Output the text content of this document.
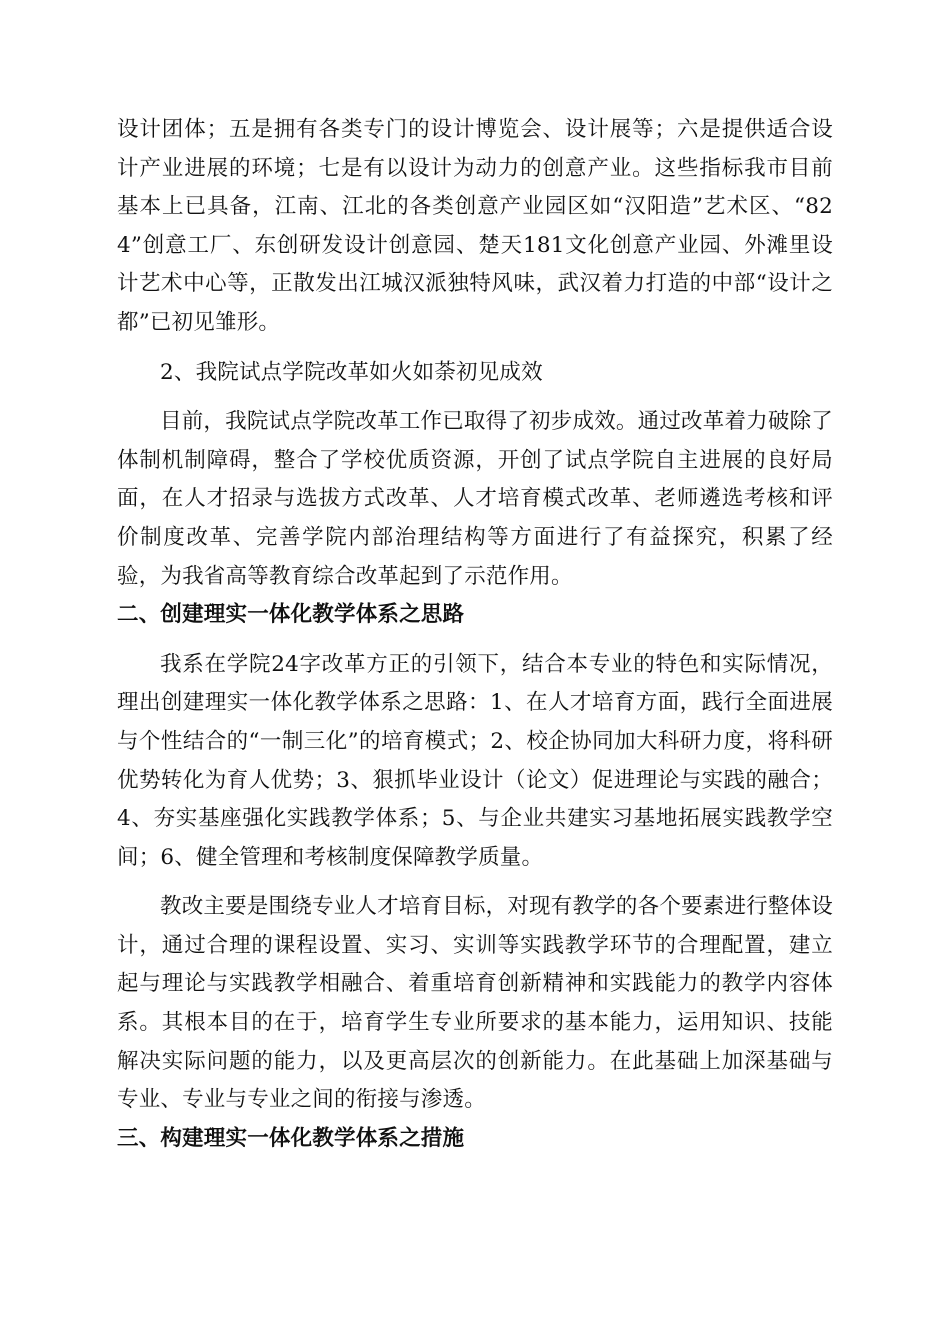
设计团体；五是拥有各类专门的设计博览会、设计展等；六是提供适合设计产业进展的环境；七是有以设计为动力的创意产业。这些指标我市目前基本上已具备，江南、江北的各类创意产业园区如“汉阳造”艺术区、“824”创意工厂、东创研发设计创意园、楚天181文化创意产业园、外滩里设计艺术中心等，正散发出江城汉派独特风味，武汉着力打造的中部“设计之都”已初见雏形。

2、我院试点学院改革如火如荼初见成效

目前，我院试点学院改革工作已取得了初步成效。通过改革着力破除了体制机制障碍，整合了学校优质资源，开创了试点学院自主进展的良好局面，在人才招录与选拔方式改革、人才培育模式改革、老师遴选考核和评价制度改革、完善学院内部治理结构等方面进行了有益探究，积累了经验，为我省高等教育综合改革起到了示范作用。

二、创建理实一体化教学体系之思路

我系在学院24字改革方正的引领下，结合本专业的特色和实际情况，理出创建理实一体化教学体系之思路：1、在人才培育方面，践行全面进展与个性结合的“一制三化”的培育模式；2、校企协同加大科研力度，将科研优势转化为育人优势；3、狠抓毕业设计（论文）促进理论与实践的融合；4、夯实基座强化实践教学体系；5、与企业共建实习基地拓展实践教学空间；6、健全管理和考核制度保障教学质量。

教改主要是围绕专业人才培育目标，对现有教学的各个要素进行整体设计，通过合理的课程设置、实习、实训等实践教学环节的合理配置，建立起与理论与实践教学相融合、着重培育创新精神和实践能力的教学内容体系。其根本目的在于，培育学生专业所要求的基本能力，运用知识、技能解决实际问题的能力，以及更高层次的创新能力。在此基础上加深基础与专业、专业与专业之间的衔接与渗透。

三、构建理实一体化教学体系之措施
